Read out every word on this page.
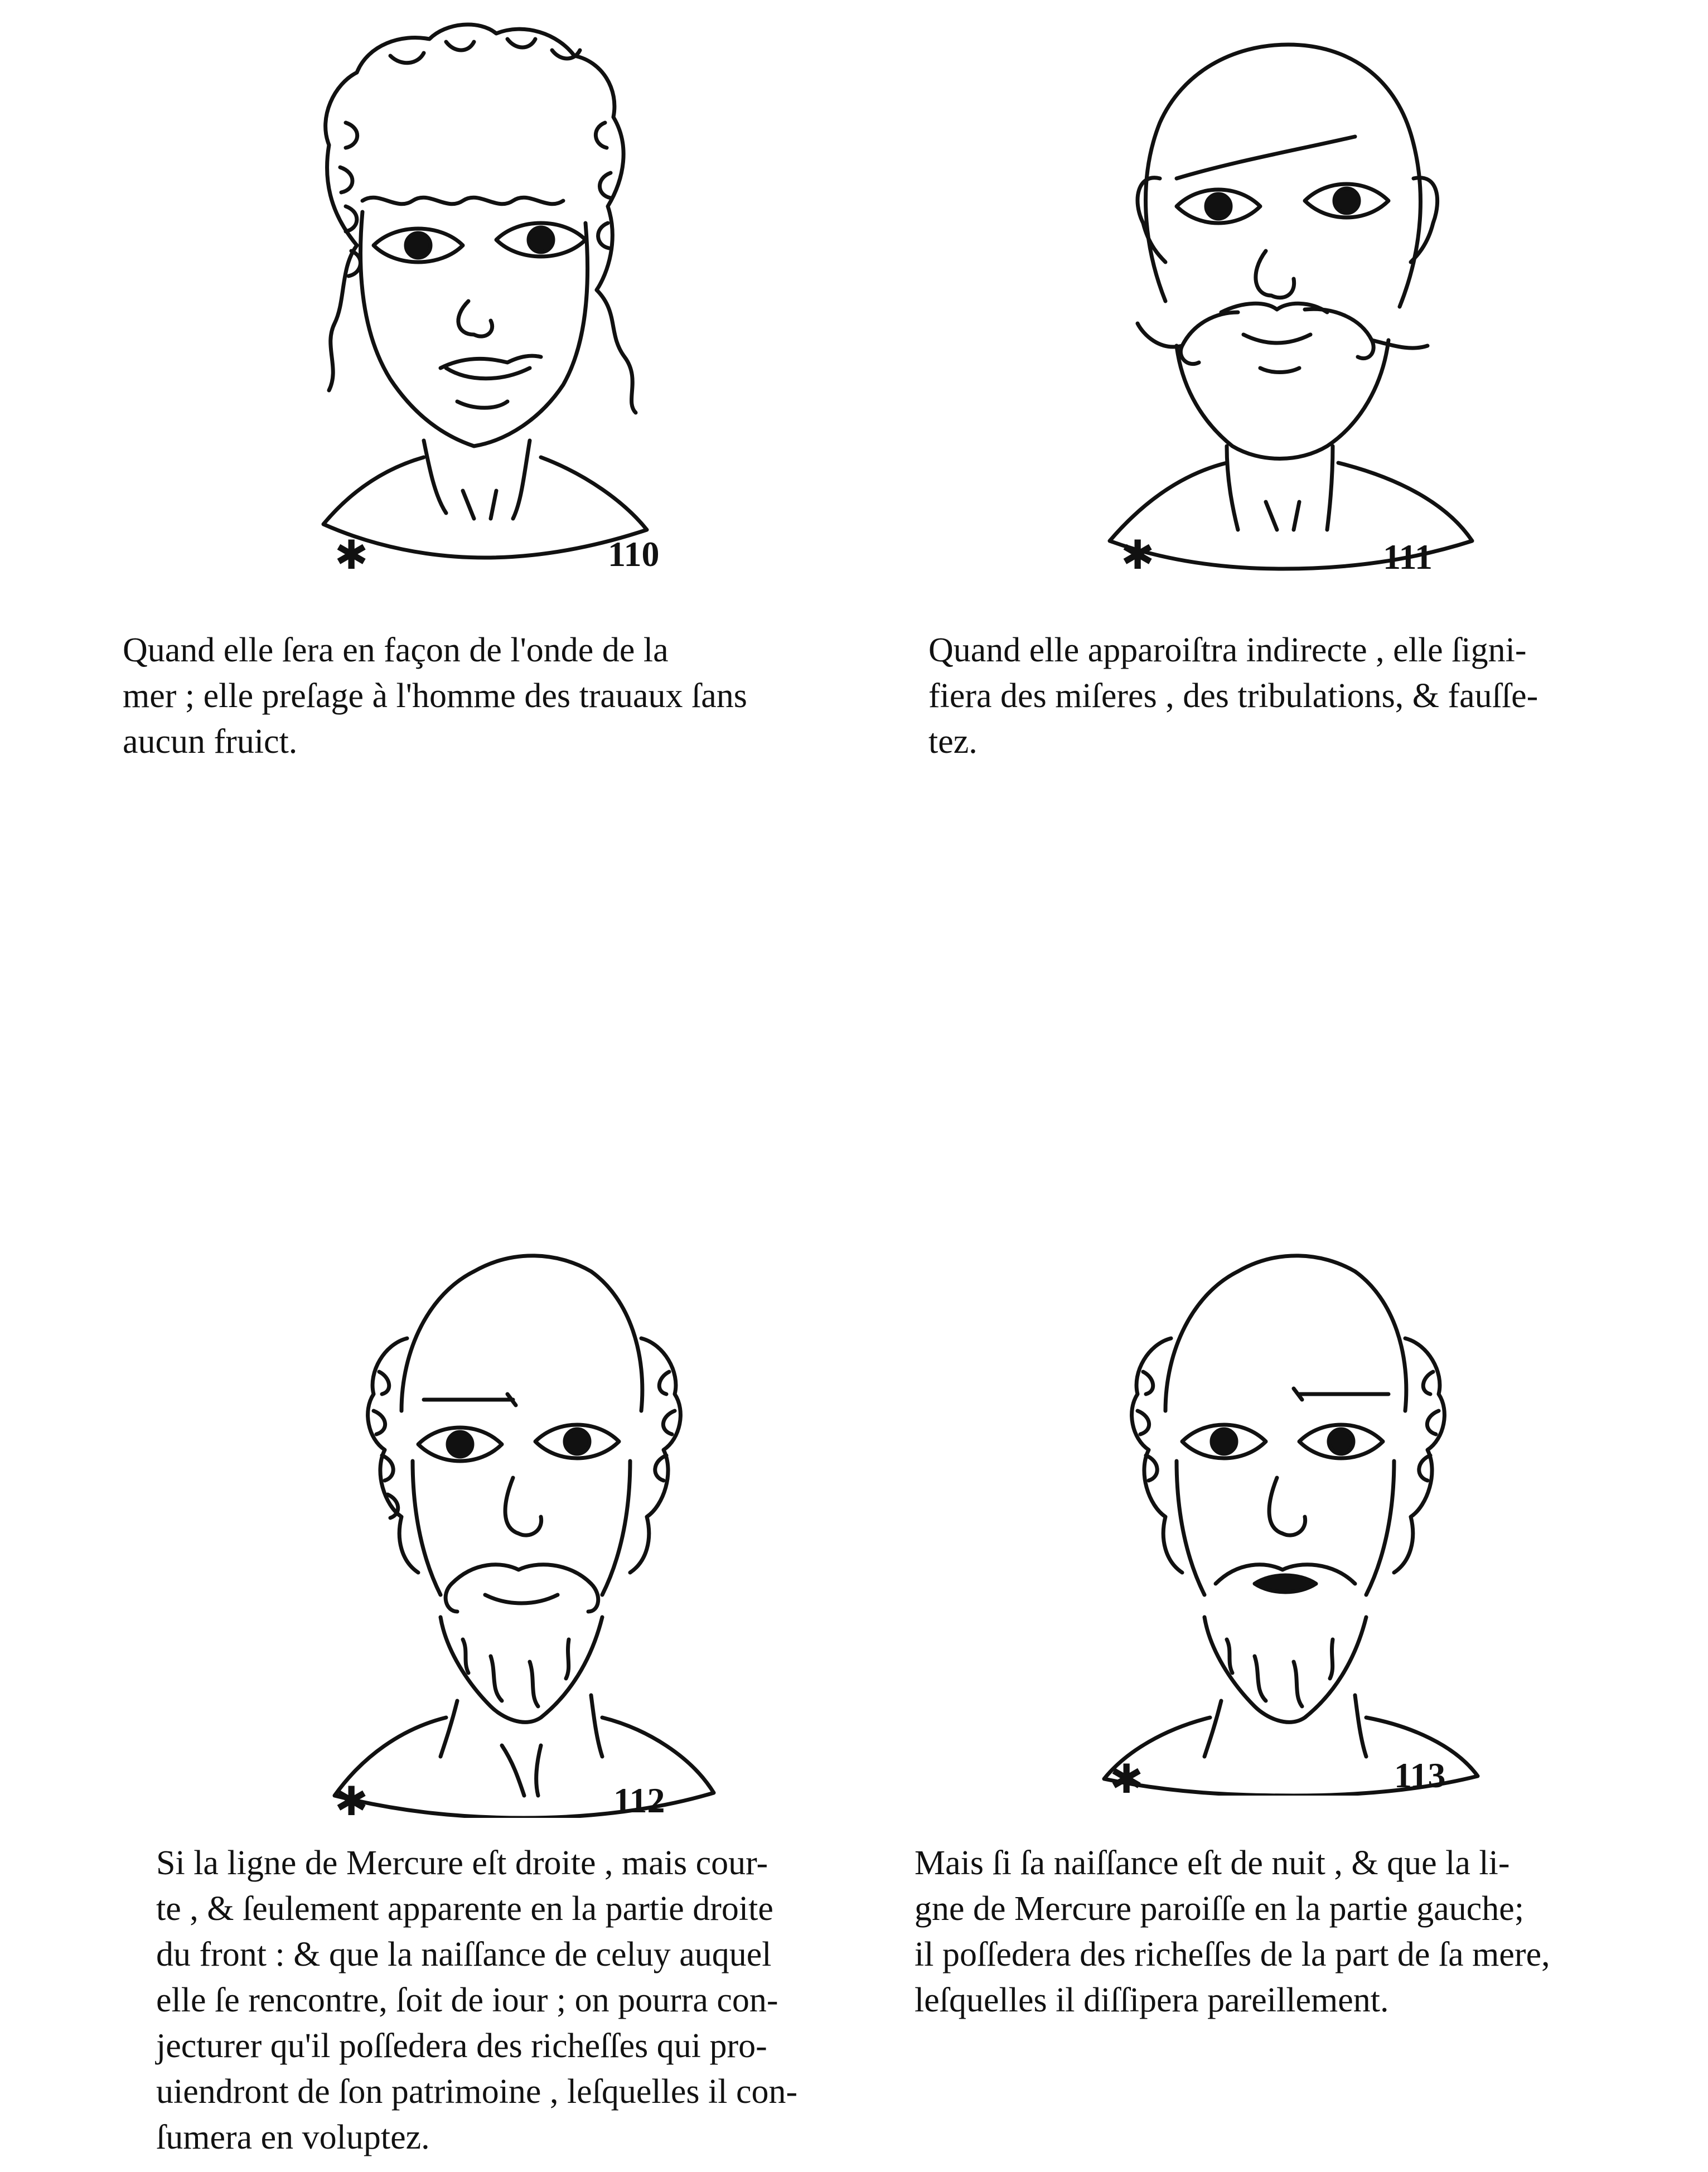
✱	110
Quand elle ſera en façon de l'onde de la
mer ; elle preſage à l'homme des trauaux ſans
aucun fruict.
✱	111
Quand elle apparoiſtra indirecte , elle ſigni-
fiera des miſeres , des tribulations, & fauſſe-
tez.
✱	112
Si la ligne de Mercure eſt droite , mais cour-
te , & ſeulement apparente en la partie droite
du front : & que la naiſſance de celuy auquel
elle ſe rencontre, ſoit de iour ; on pourra con-
jecturer qu'il poſſedera des richeſſes qui pro-
uiendront de ſon patrimoine , leſquelles il con-
ſumera en voluptez.
✱	113
Mais ſi ſa naiſſance eſt de nuit , & que la li-
gne de Mercure paroiſſe en la partie gauche;
il poſſedera des richeſſes de la part de ſa mere,
leſquelles il diſſipera pareillement.
